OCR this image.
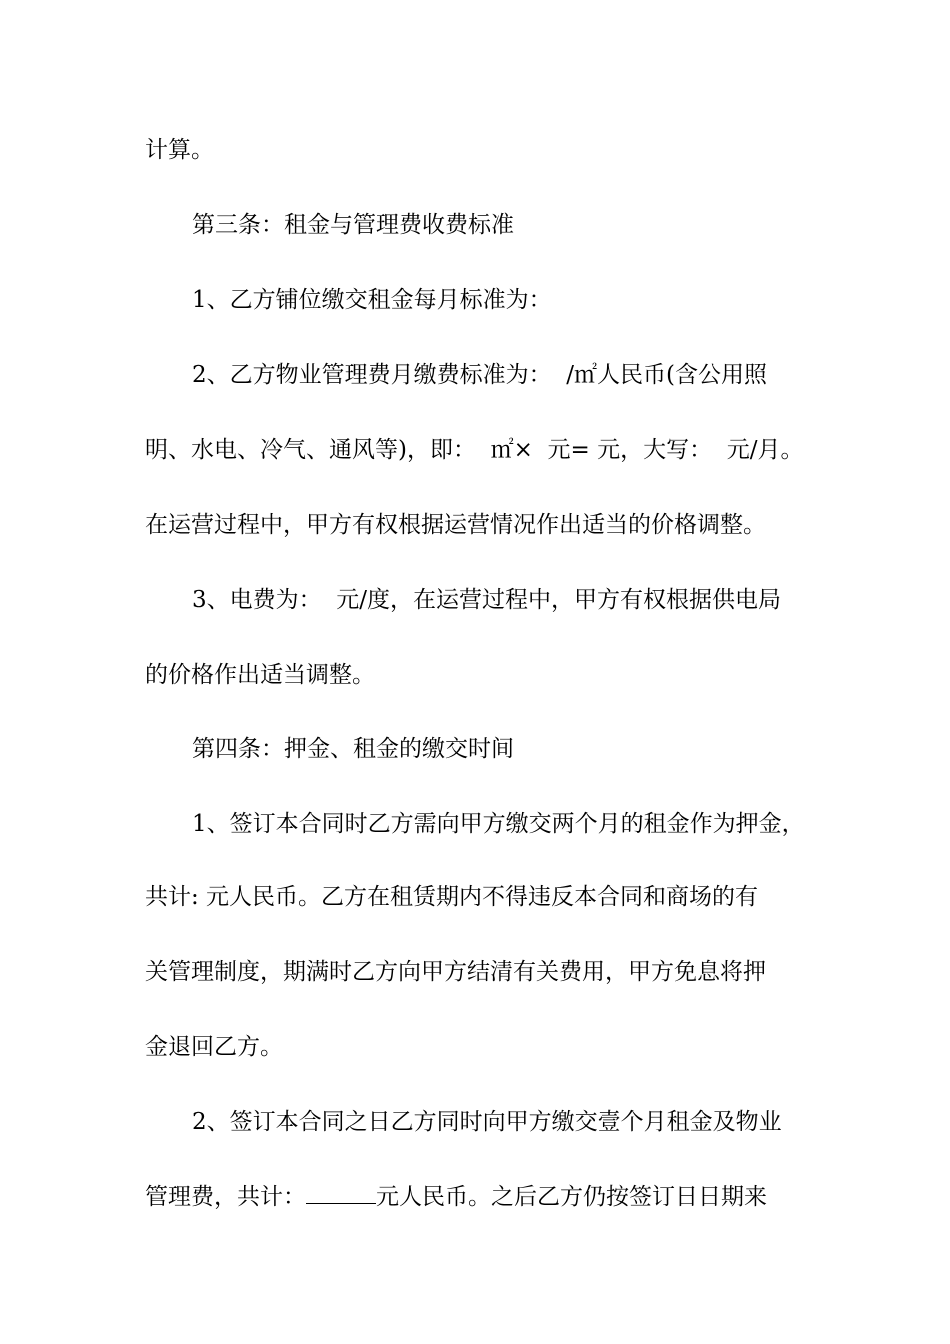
计算。
第三条：租金与管理费收费标准
1、乙方铺位缴交租金每月标准为：
2、乙方物业管理费月缴费标准为：  /㎡人民币(含公用照
明、水电、冷气、通风等)，即：  ㎡×  元= 元，大写：  元/月。
在运营过程中，甲方有权根据运营情况作出适当的价格调整。
3、电费为：  元/度，在运营过程中，甲方有权根据供电局
的价格作出适当调整。
第四条：押金、租金的缴交时间
1、签订本合同时乙方需向甲方缴交两个月的租金作为押金，
共计: 元人民币。乙方在租赁期内不得违反本合同和商场的有
关管理制度，期满时乙方向甲方结清有关费用，甲方免息将押
金退回乙方。
2、签订本合同之日乙方同时向甲方缴交壹个月租金及物业
管理费，共计：	元人民币。之后乙方仍按签订日日期来
